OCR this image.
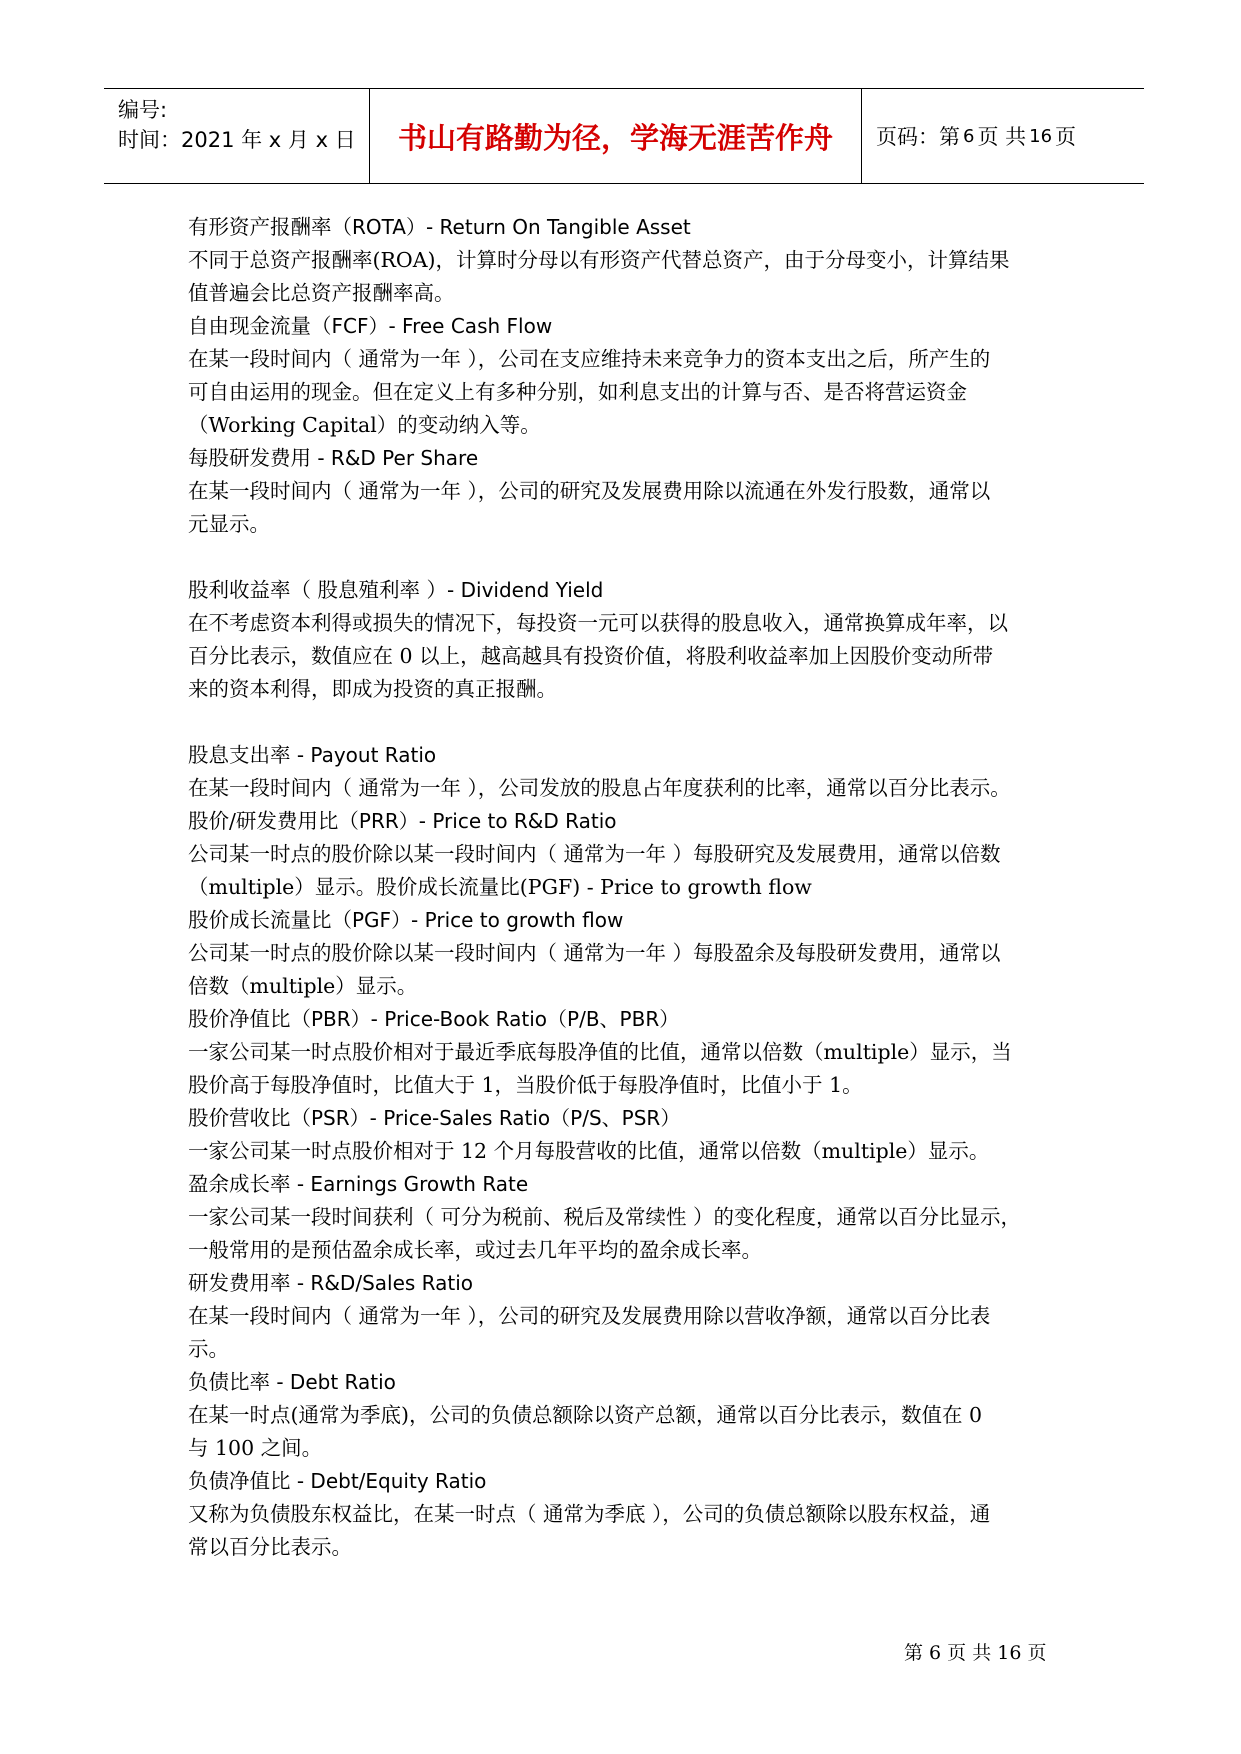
编号:
时间：2021 年 x 月 x 日	书山有路勤为径，学海无涯苦作舟	页码：第 6 页 共 16 页

有形资产报酬率（ROTA）- Return On Tangible Asset

不同于总资产报酬率(ROA)，计算时分母以有形资产代替总资产，由于分母变小，计算结果

值普遍会比总资产报酬率高。

自由现金流量（FCF）- Free Cash Flow

在某一段时间内（ 通常为一年 ），公司在支应维持未来竞争力的资本支出之后，所产生的

可自由运用的现金。但在定义上有多种分别，如利息支出的计算与否、是否将营运资金

（Working Capital）的变动纳入等。

每股研发费用 - R&D Per Share

在某一段时间内（ 通常为一年 ），公司的研究及发展费用除以流通在外发行股数，通常以

元显示。

股利收益率（ 股息殖利率 ）- Dividend Yield

在不考虑资本利得或损失的情况下，每投资一元可以获得的股息收入，通常换算成年率，以

百分比表示，数值应在 0 以上，越高越具有投资价值，将股利收益率加上因股价变动所带

来的资本利得，即成为投资的真正报酬。

股息支出率 - Payout Ratio

在某一段时间内（ 通常为一年 ），公司发放的股息占年度获利的比率，通常以百分比表示。

股价/研发费用比（PRR）- Price to R&D Ratio

公司某一时点的股价除以某一段时间内（ 通常为一年 ）每股研究及发展费用，通常以倍数

（multiple）显示。股价成长流量比(PGF) - Price to growth flow

股价成长流量比（PGF）- Price to growth flow

公司某一时点的股价除以某一段时间内（ 通常为一年 ）每股盈余及每股研发费用，通常以

倍数（multiple）显示。

股价净值比（PBR）- Price-Book Ratio（P/B、PBR）

一家公司某一时点股价相对于最近季底每股净值的比值，通常以倍数（multiple）显示，当

股价高于每股净值时，比值大于 1，当股价低于每股净值时，比值小于 1。

股价营收比（PSR）- Price-Sales Ratio（P/S、PSR）

一家公司某一时点股价相对于 12 个月每股营收的比值，通常以倍数（multiple）显示。

盈余成长率 - Earnings Growth Rate

一家公司某一段时间获利（ 可分为税前、税后及常续性 ）的变化程度，通常以百分比显示，

一般常用的是预估盈余成长率，或过去几年平均的盈余成长率。

研发费用率 - R&D/Sales Ratio

在某一段时间内（ 通常为一年 ），公司的研究及发展费用除以营收净额，通常以百分比表

示。

负债比率 - Debt Ratio

在某一时点(通常为季底)，公司的负债总额除以资产总额，通常以百分比表示，数值在 0

与 100 之间。

负债净值比 - Debt/Equity Ratio

又称为负债股东权益比，在某一时点（ 通常为季底 ），公司的负债总额除以股东权益，通

常以百分比表示。

第 6 页 共 16 页
